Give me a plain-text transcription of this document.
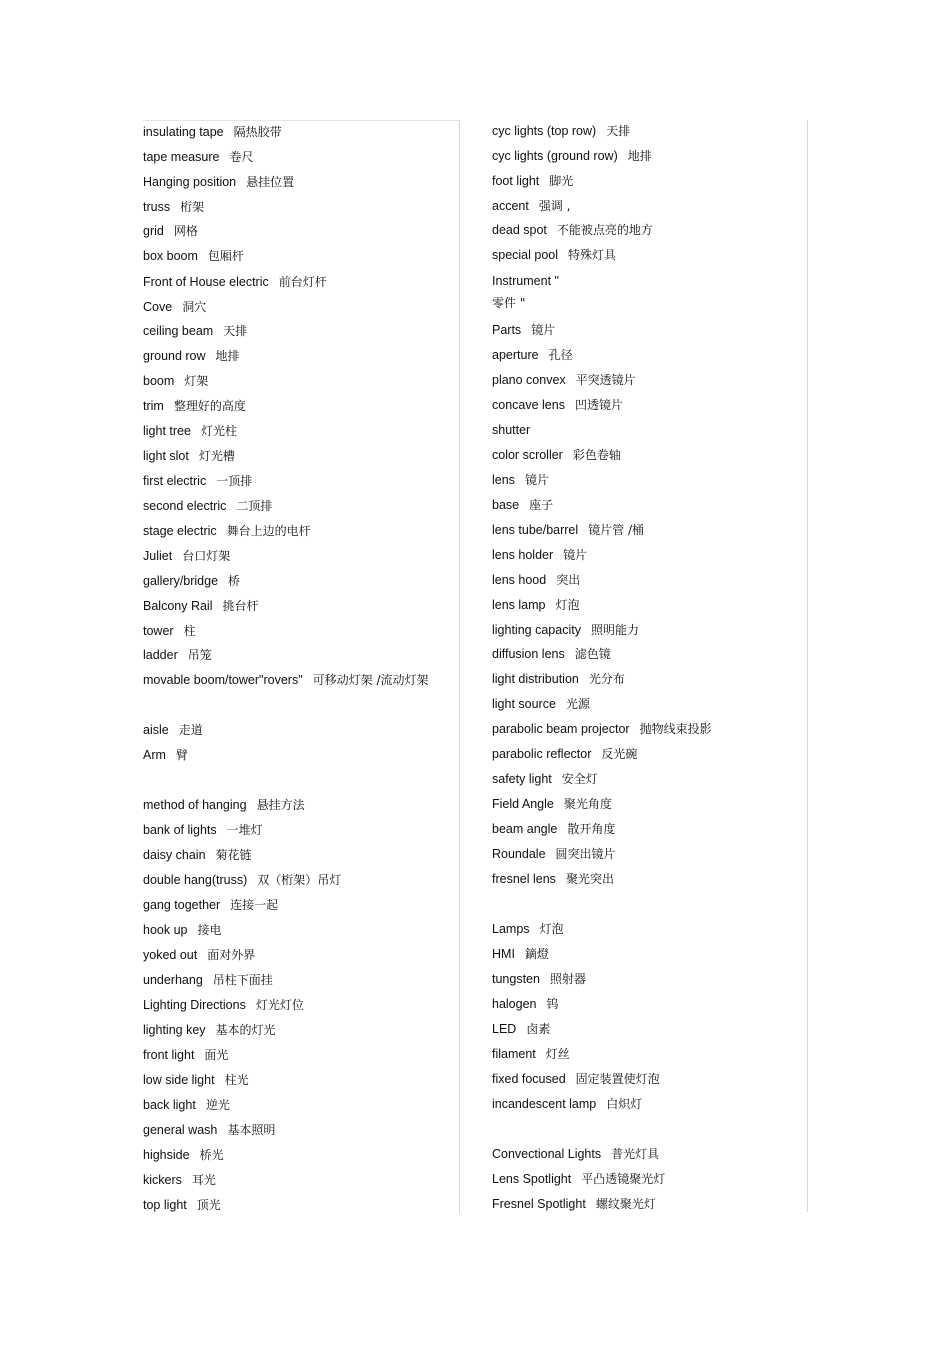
insulating tape 隔热胶带
tape measure 卷尺
Hanging position 悬挂位置
truss 桁架
grid 网格
box boom 包厢杆
Front of House electric 前台灯杆
Cove 洞穴
ceiling beam 天排
ground row 地排
boom 灯架
trim 整理好的高度
light tree 灯光柱
light slot 灯光槽
first electric 一顶排
second electric 二顶排
stage electric 舞台上边的电杆
Juliet 台口灯架
gallery/bridge 桥
Balcony Rail 挑台杆
tower 柱
ladder 吊笼
movable boom/tower"rovers" 可移动灯架 /流动灯架
aisle 走道
Arm 臂
method of hanging 悬挂方法
bank of lights 一堆灯
daisy chain 菊花链
double hang(truss) 双（桁架）吊灯
gang together 连接一起
hook up 接电
yoked out 面对外界
underhang 吊柱下面挂
Lighting Directions 灯光灯位
lighting key 基本的灯光
front light 面光
low side light 柱光
back light 逆光
general wash 基本照明
highside 桥光
kickers 耳光
top light 顶光
cyc lights (top row) 天排
cyc lights (ground row) 地排
foot light 脚光
accent 强调 ,
dead spot 不能被点亮的地方
special pool 特殊灯具
Instrument "
零件 "
Parts 镜片
aperture 孔径
plano convex 平突透镜片
concave lens 凹透镜片
shutter
color scroller 彩色卷轴
lens 镜片
base 座子
lens tube/barrel 镜片管 /桶
lens holder 镜片
lens hood 突出
lens lamp 灯泡
lighting capacity 照明能力
diffusion lens 滤色镜
light distribution 光分布
light source 光源
parabolic beam projector 抛物线束投影
parabolic reflector 反光碗
safety light 安全灯
Field Angle 聚光角度
beam angle 散开角度
Roundale 圆突出镜片
fresnel lens 聚光突出
Lamps 灯泡
HMI 鏑燈
tungsten 照射器
halogen 钨
LED 卤素
filament 灯丝
fixed focused 固定装置使灯泡
incandescent lamp 白炽灯
Convectional Lights 普光灯具
Lens Spotlight 平凸透镜聚光灯
Fresnel Spotlight 螺纹聚光灯
